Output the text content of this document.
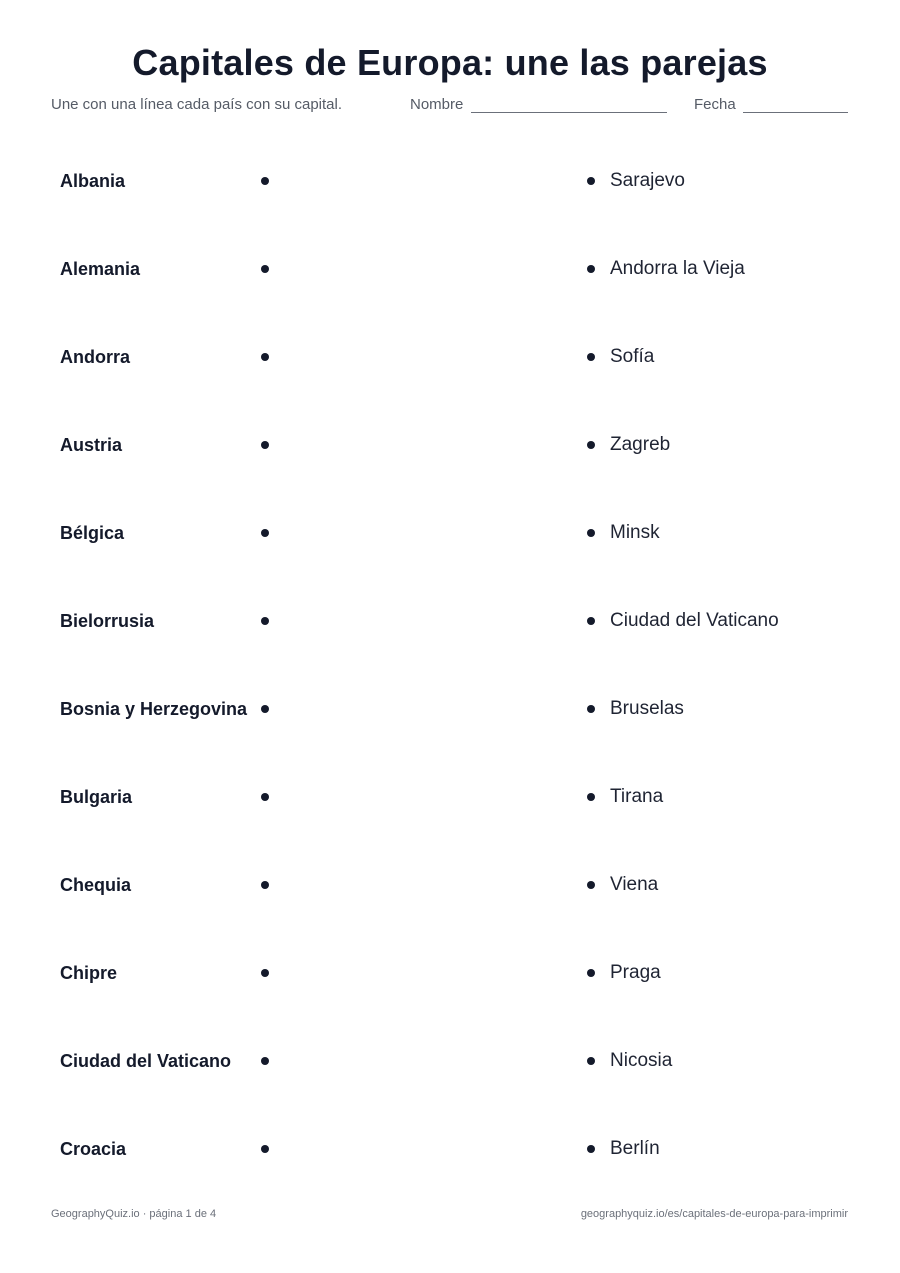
Capitales de Europa: une las parejas
Une con una línea cada país con su capital.	Nombre	Fecha
Albania	Sarajevo
Alemania	Andorra la Vieja
Andorra	Sofía
Austria	Zagreb
Bélgica	Minsk
Bielorrusia	Ciudad del Vaticano
Bosnia y Herzegovina	Bruselas
Bulgaria	Tirana
Chequia	Viena
Chipre	Praga
Ciudad del Vaticano	Nicosia
Croacia	Berlín
GeographyQuiz.io · página 1 de 4	geographyquiz.io/es/capitales-de-europa-para-imprimir
